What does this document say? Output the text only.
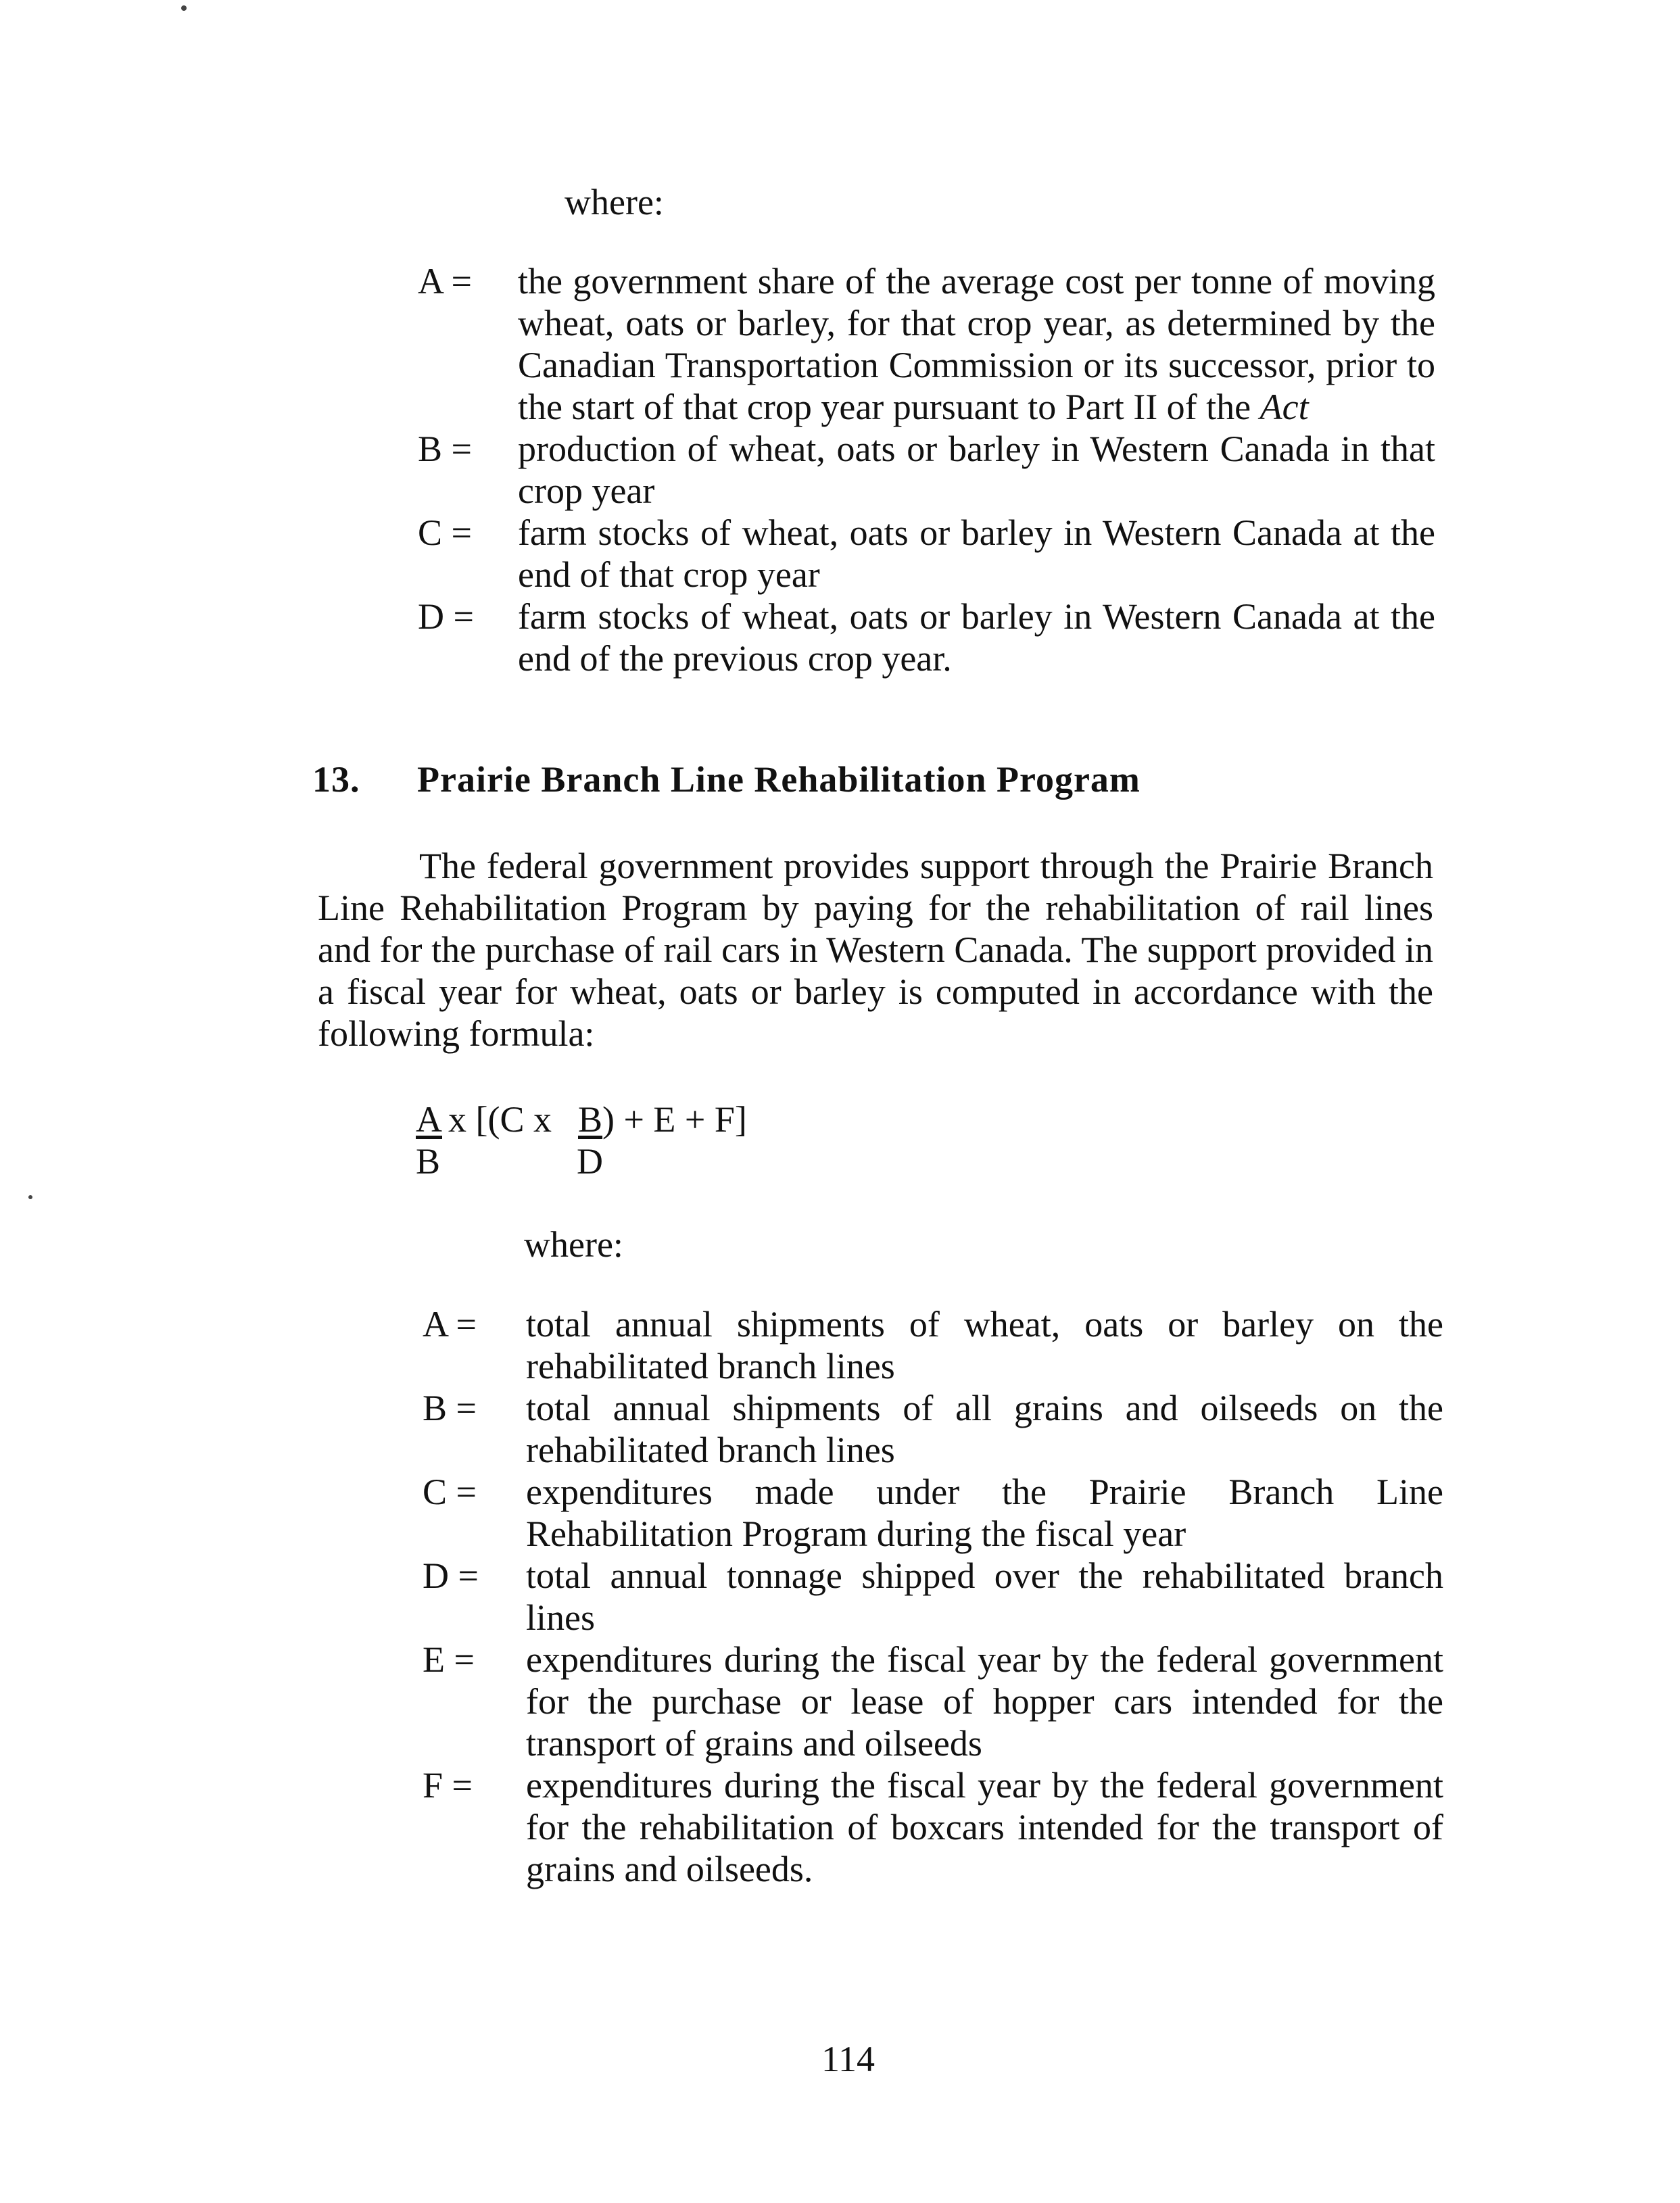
where:
A = the government share of the average cost per tonne of moving wheat, oats or barley, for that crop year, as determined by the Canadian Transportation Commission or its successor, prior to the start of that crop year pursuant to Part II of the Act
B = production of wheat, oats or barley in Western Canada in that crop year
C = farm stocks of wheat, oats or barley in Western Canada at the end of that crop year
D = farm stocks of wheat, oats or barley in Western Canada at the end of the previous crop year.
13. Prairie Branch Line Rehabilitation Program
The federal government provides support through the Prairie Branch Line Rehabilitation Program by paying for the rehabilitation of rail lines and for the purchase of rail cars in Western Canada. The support provided in a fiscal year for wheat, oats or barley is computed in accordance with the following formula:
A x [(C x B ) + E + F]
B	D
where:
A = total annual shipments of wheat, oats or barley on the rehabilitated branch lines
B = total annual shipments of all grains and oilseeds on the rehabilitated branch lines
C = expenditures made under the Prairie Branch Line Rehabilitation Program during the fiscal year
D = total annual tonnage shipped over the rehabilitated branch lines
E = expenditures during the fiscal year by the federal government for the purchase or lease of hopper cars intended for the transport of grains and oilseeds
F = expenditures during the fiscal year by the federal government for the rehabilitation of boxcars intended for the transport of grains and oilseeds.
114
